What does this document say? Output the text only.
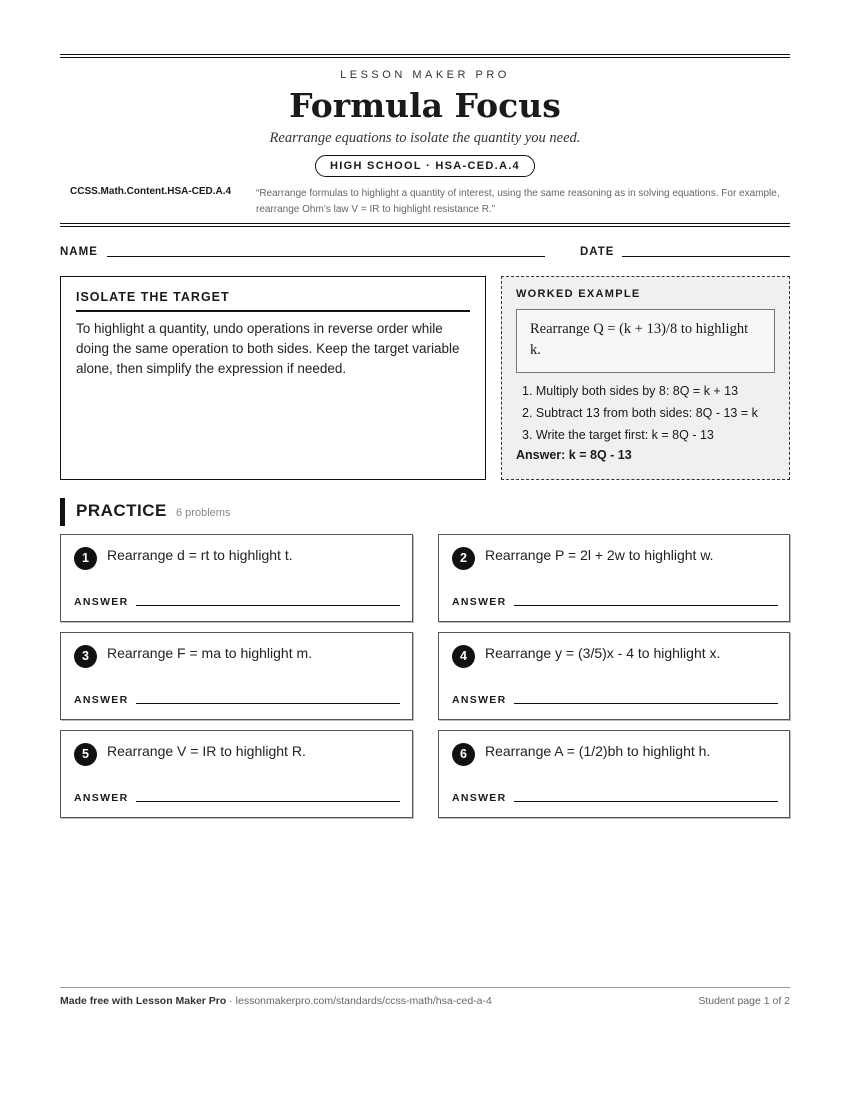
LESSON MAKER PRO
Formula Focus
Rearrange equations to isolate the quantity you need.
HIGH SCHOOL · HSA-CED.A.4
CCSS.Math.Content.HSA-CED.A.4 “Rearrange formulas to highlight a quantity of interest, using the same reasoning as in solving equations. For example, rearrange Ohm’s law V = IR to highlight resistance R.”
NAME	DATE
ISOLATE THE TARGET

To highlight a quantity, undo operations in reverse order while doing the same operation to both sides. Keep the target variable alone, then simplify the expression if needed.

WORKED EXAMPLE
Rearrange Q = (k + 13)/8 to highlight k.
1. Multiply both sides by 8: 8Q = k + 13
2. Subtract 13 from both sides: 8Q - 13 = k
3. Write the target first: k = 8Q - 13
Answer: k = 8Q - 13
PRACTICE 6 problems
1	Rearrange d = rt to highlight t.
ANSWER
2	Rearrange P = 2l + 2w to highlight w.
ANSWER
3	Rearrange F = ma to highlight m.
ANSWER
4	Rearrange y = (3/5)x - 4 to highlight x.
ANSWER
5	Rearrange V = IR to highlight R.
ANSWER
6	Rearrange A = (1/2)bh to highlight h.
ANSWER
Made free with Lesson Maker Pro · lessonmakerpro.com/standards/ccss-math/hsa-ced-a-4	Student page 1 of 2
